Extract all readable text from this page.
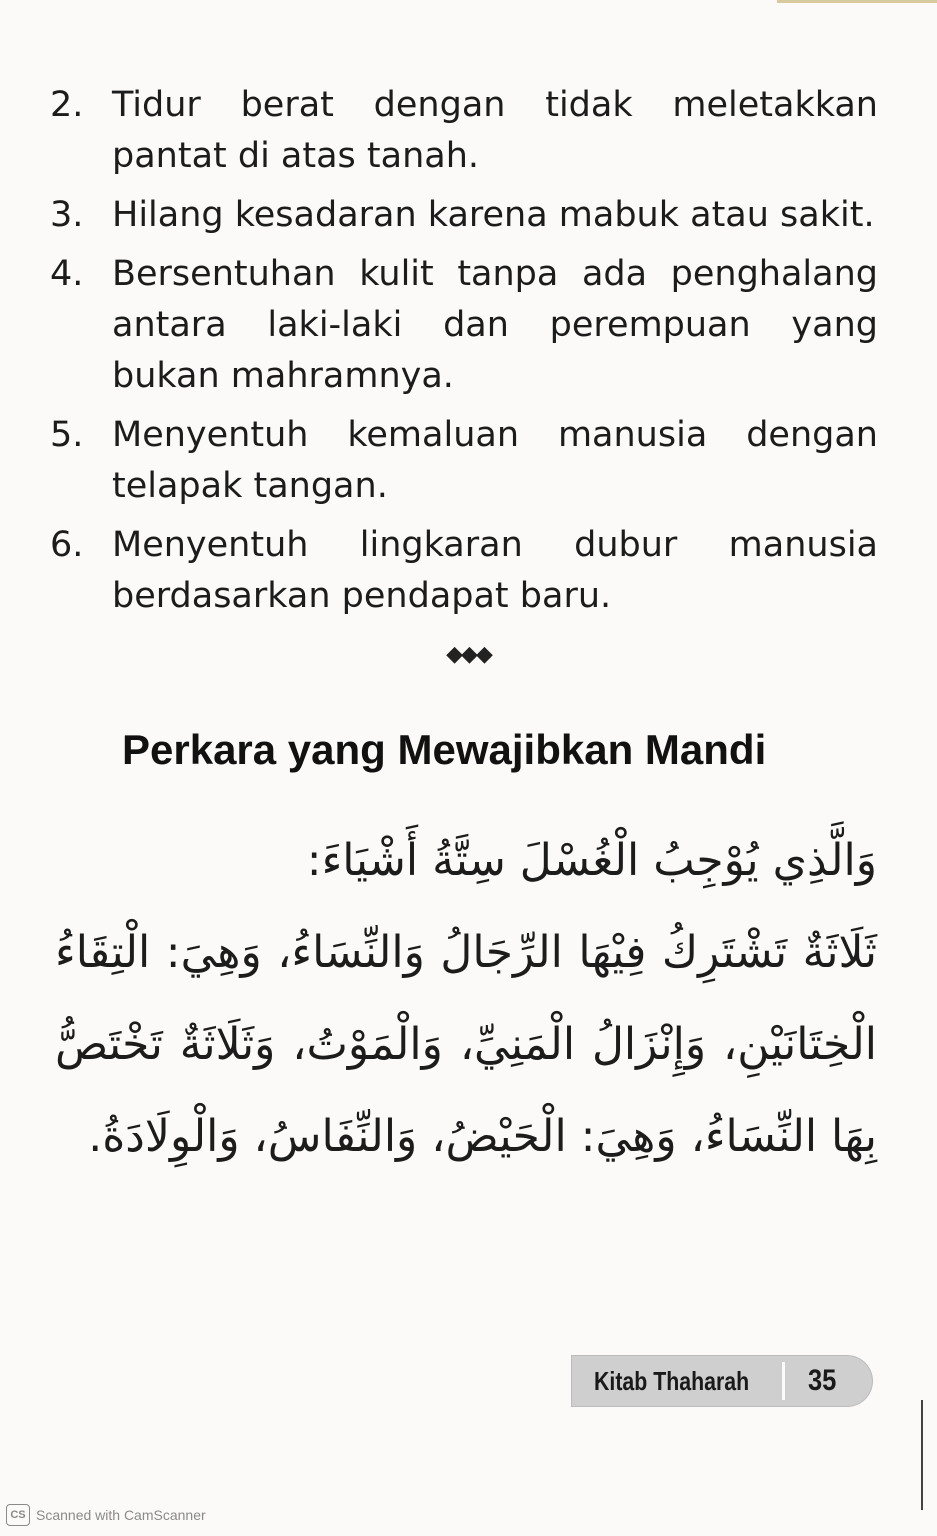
2. Tidur berat dengan tidak meletakkan pantat di atas tanah.
3. Hilang kesadaran karena mabuk atau sakit.
4. Bersentuhan kulit tanpa ada penghalang antara laki-laki dan perempuan yang bukan mahramnya.
5. Menyentuh kemaluan manusia dengan telapak tangan.
6. Menyentuh lingkaran dubur manusia berdasarkan pendapat baru.
◆◆◆
Perkara yang Mewajibkan Mandi
وَالَّذِي يُوْجِبُ الْغُسْلَ سِتَّةُ أَشْيَاءَ:
ثَلَاثَةٌ تَشْتَرِكُ فِيْهَا الرِّجَالُ وَالنِّسَاءُ، وَهِيَ: الْتِقَاءُ
الْخِتَانَيْنِ، وَإِنْزَالُ الْمَنِيِّ، وَالْمَوْتُ، وَثَلَاثَةٌ تَخْتَصُّ
بِهَا النِّسَاءُ، وَهِيَ: الْحَيْضُ، وَالنِّفَاسُ، وَالْوِلَادَةُ.
Kitab Thaharah 35
CS Scanned with CamScanner
